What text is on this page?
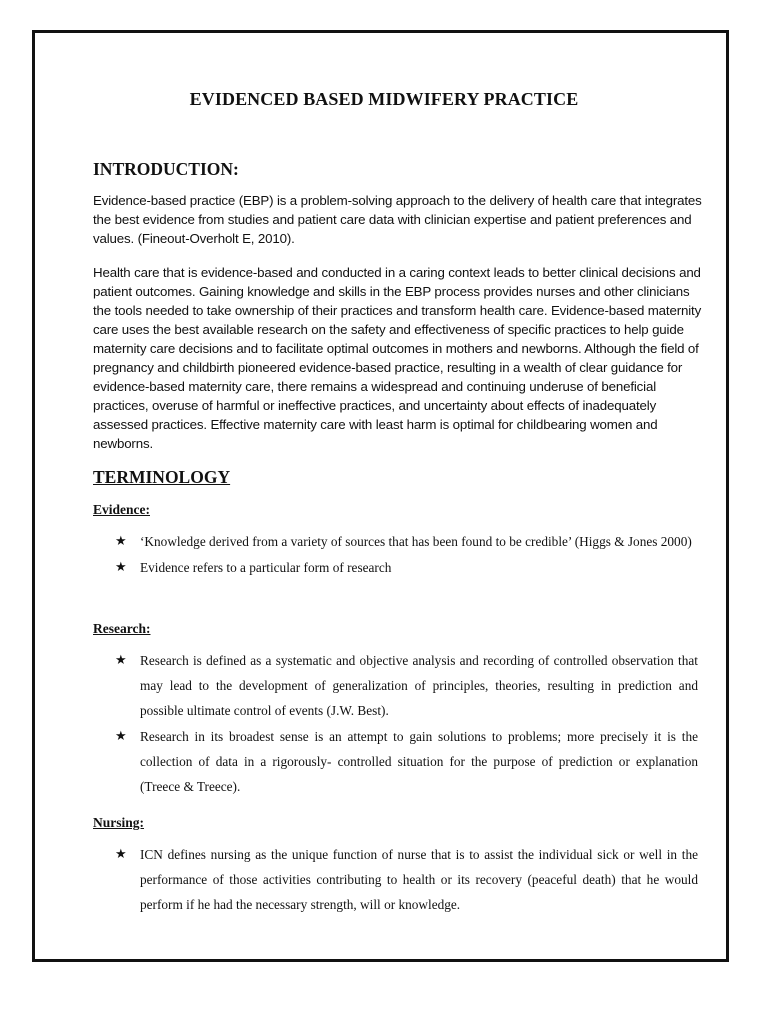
EVIDENCED BASED MIDWIFERY PRACTICE
INTRODUCTION:

Evidence-based practice (EBP) is a problem-solving approach to the delivery of health care that integrates the best evidence from studies and patient care data with clinician expertise and patient preferences and values. (Fineout-Overholt E, 2010).

Health care that is evidence-based and conducted in a caring context leads to better clinical decisions and patient outcomes. Gaining knowledge and skills in the EBP process provides nurses and other clinicians the tools needed to take ownership of their practices and transform health care. Evidence-based maternity care uses the best available research on the safety and effectiveness of specific practices to help guide maternity care decisions and to facilitate optimal outcomes in mothers and newborns. Although the field of pregnancy and childbirth pioneered evidence-based practice, resulting in a wealth of clear guidance for evidence-based maternity care, there remains a widespread and continuing underuse of beneficial practices, overuse of harmful or ineffective practices, and uncertainty about effects of inadequately assessed practices. Effective maternity care with least harm is optimal for childbearing women and newborns.

TERMINOLOGY
Evidence:
★ ‘Knowledge derived from a variety of sources that has been found to be credible’ (Higgs & Jones 2000)
★ Evidence refers to a particular form of research
Research:
★ Research is defined as a systematic and objective analysis and recording of controlled observation that may lead to the development of generalization of principles, theories, resulting in prediction and possible ultimate control of events (J.W. Best).
★ Research in its broadest sense is an attempt to gain solutions to problems; more precisely it is the collection of data in a rigorously- controlled situation for the purpose of prediction or explanation (Treece & Treece).
Nursing:
★ ICN defines nursing as the unique function of nurse that is to assist the individual sick or well in the performance of those activities contributing to health or its recovery (peaceful death) that he would perform if he had the necessary strength, will or knowledge.
